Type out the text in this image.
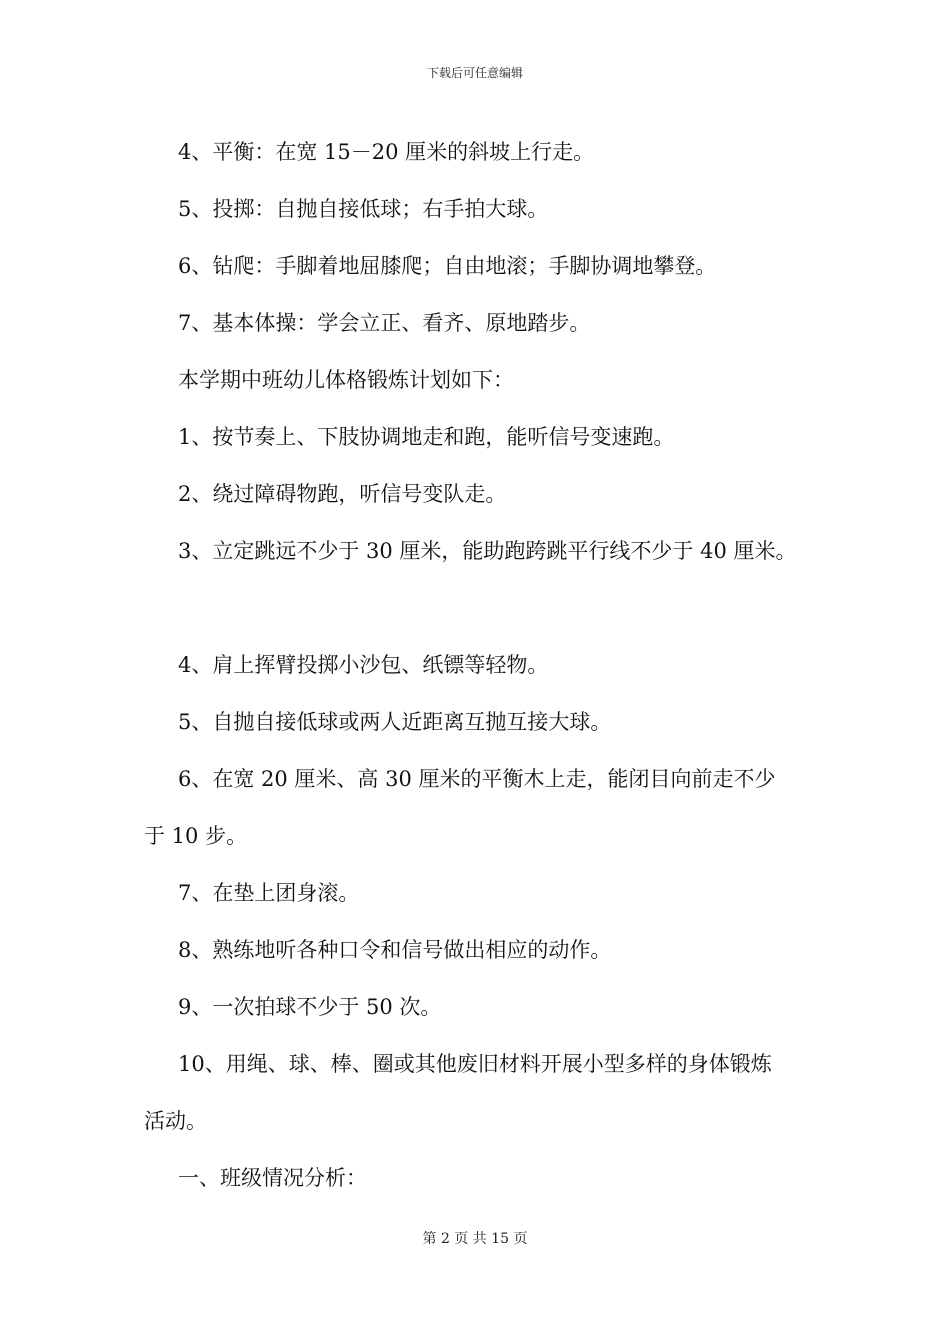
下载后可任意编辑
4、平衡：在宽 15－20 厘米的斜坡上行走。
5、投掷：自抛自接低球；右手拍大球。
6、钻爬：手脚着地屈膝爬；自由地滚；手脚协调地攀登。
7、基本体操：学会立正、看齐、原地踏步。
本学期中班幼儿体格锻炼计划如下：
1、按节奏上、下肢协调地走和跑，能听信号变速跑。
2、绕过障碍物跑，听信号变队走。
3、立定跳远不少于 30 厘米，能助跑跨跳平行线不少于 40 厘米。
4、肩上挥臂投掷小沙包、纸镖等轻物。
5、自抛自接低球或两人近距离互抛互接大球。
6、在宽 20 厘米、高 30 厘米的平衡木上走，能闭目向前走不少
于 10 步。
7、在垫上团身滚。
8、熟练地听各种口令和信号做出相应的动作。
9、一次拍球不少于 50 次。
10、用绳、球、棒、圈或其他废旧材料开展小型多样的身体锻炼
活动。
一、班级情况分析：
第 2 页 共 15 页
